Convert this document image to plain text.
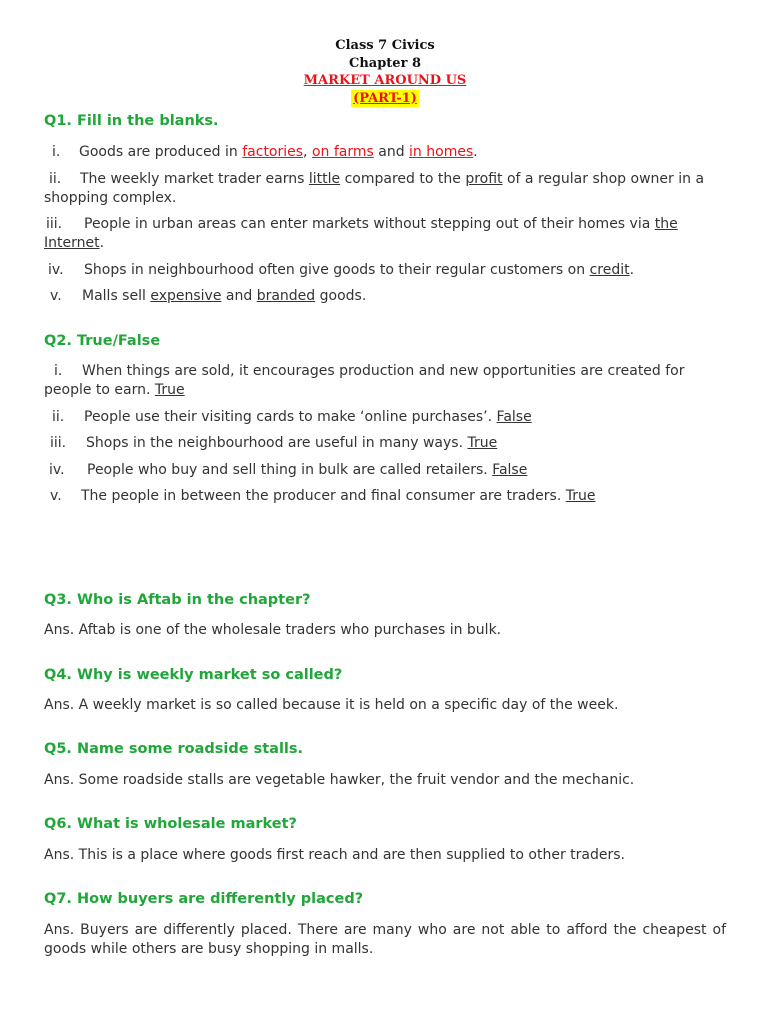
Class 7 Civics
Chapter 8
MARKET AROUND US
(PART-1)
Q1. Fill in the blanks.
i. Goods are produced in factories, on farms and in homes.
ii. The weekly market trader earns little compared to the profit of a regular shop owner in a shopping complex.
iii. People in urban areas can enter markets without stepping out of their homes via the Internet.
iv. Shops in neighbourhood often give goods to their regular customers on credit.
v. Malls sell expensive and branded goods.
Q2. True/False
i. When things are sold, it encourages production and new opportunities are created for people to earn. True
ii. People use their visiting cards to make ‘online purchases’. False
iii. Shops in the neighbourhood are useful in many ways. True
iv. People who buy and sell thing in bulk are called retailers. False
v. The people in between the producer and final consumer are traders. True
Q3. Who is Aftab in the chapter?
Ans. Aftab is one of the wholesale traders who purchases in bulk.
Q4. Why is weekly market so called?
Ans. A weekly market is so called because it is held on a specific day of the week.
Q5. Name some roadside stalls.
Ans. Some roadside stalls are vegetable hawker, the fruit vendor and the mechanic.
Q6. What is wholesale market?
Ans. This is a place where goods first reach and are then supplied to other traders.
Q7. How buyers are differently placed?
Ans. Buyers are differently placed. There are many who are not able to afford the cheapest of goods while others are busy shopping in malls.
